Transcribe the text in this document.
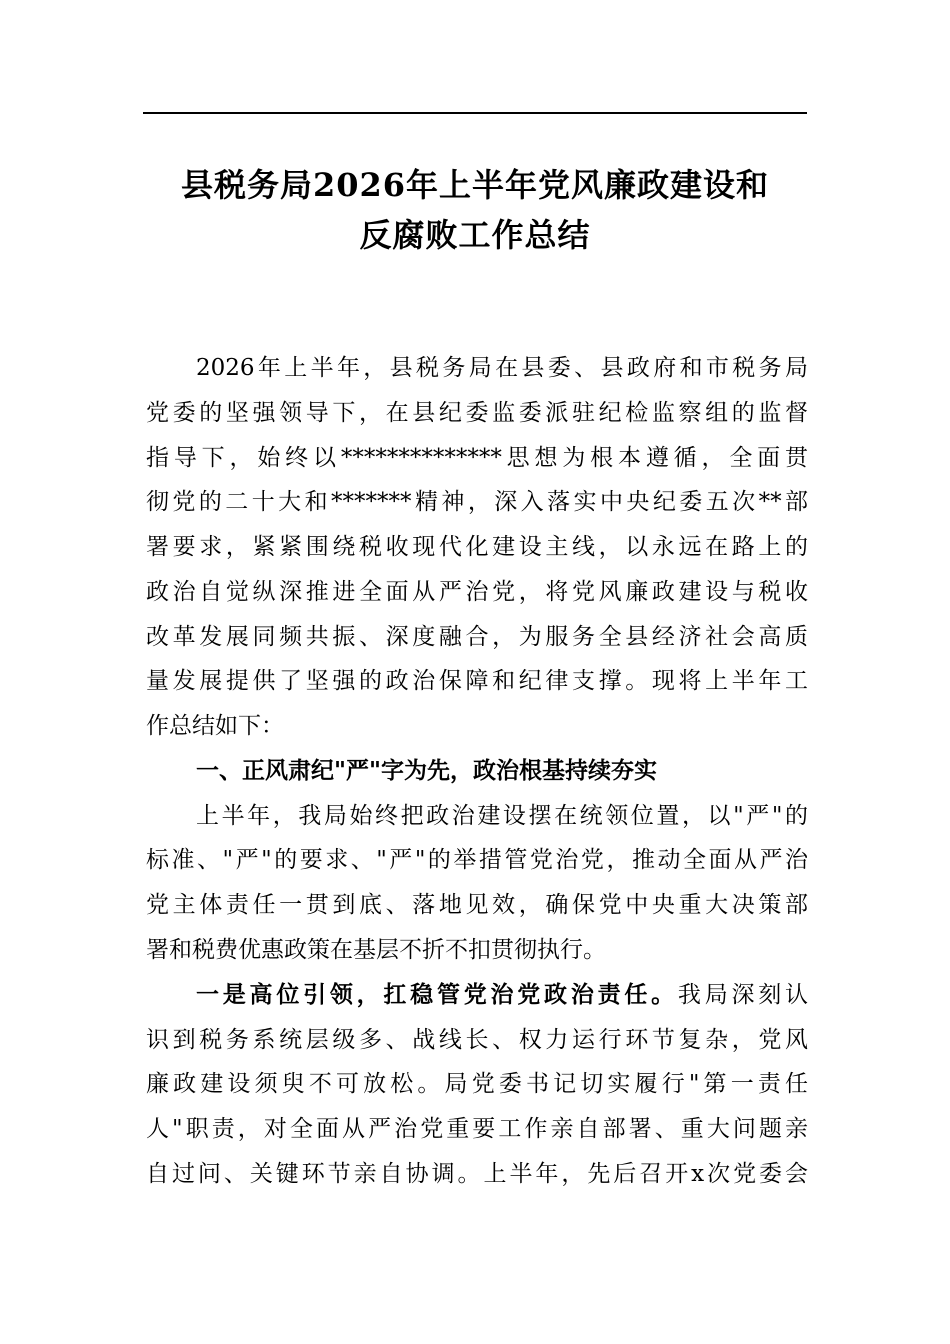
县税务局2026年上半年党风廉政建设和
反腐败工作总结
2026年上半年，县税务局在县委、县政府和市税务局
党委的坚强领导下，在县纪委监委派驻纪检监察组的监督
指导下，始终以**************思想为根本遵循，全面贯
彻党的二十大和*******精神，深入落实中央纪委五次**部
署要求，紧紧围绕税收现代化建设主线，以永远在路上的
政治自觉纵深推进全面从严治党，将党风廉政建设与税收
改革发展同频共振、深度融合，为服务全县经济社会高质
量发展提供了坚强的政治保障和纪律支撑。现将上半年工
作总结如下：
一、正风肃纪"严"字为先，政治根基持续夯实
上半年，我局始终把政治建设摆在统领位置，以"严"的
标准、"严"的要求、"严"的举措管党治党，推动全面从严治
党主体责任一贯到底、落地见效，确保党中央重大决策部
署和税费优惠政策在基层不折不扣贯彻执行。
一是高位引领，扛稳管党治党政治责任。我局深刻认
识到税务系统层级多、战线长、权力运行环节复杂，党风
廉政建设须臾不可放松。局党委书记切实履行"第一责任
人"职责，对全面从严治党重要工作亲自部署、重大问题亲
自过问、关键环节亲自协调。上半年，先后召开x次党委会
